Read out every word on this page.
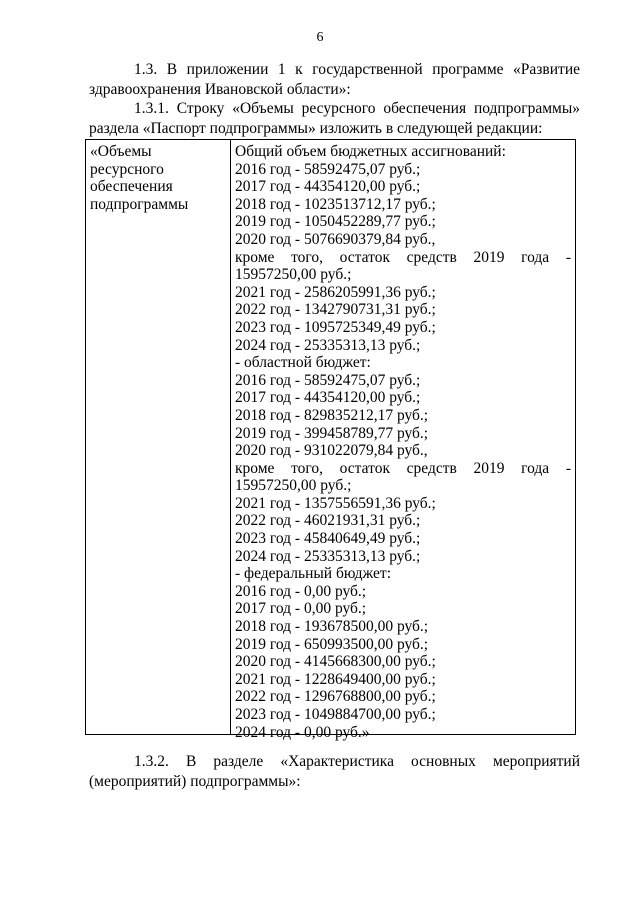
6
1.3. В приложении 1 к государственной программе «Развитие
здравоохранения Ивановской области»:
1.3.1. Строку «Объемы ресурсного обеспечения подпрограммы»
раздела «Паспорт подпрограммы» изложить в следующей редакции:
«Объемы ресурсного
обеспечения
подпрограммы
Общий объем бюджетных ассигнований:
2016 год - 58592475,07 руб.;
2017 год - 44354120,00 руб.;
2018 год - 1023513712,17 руб.;
2019 год - 1050452289,77 руб.;
2020 год - 5076690379,84 руб.,
кроме того, остаток средств 2019 года -
15957250,00 руб.;
2021 год - 2586205991,36 руб.;
2022 год - 1342790731,31 руб.;
2023 год - 1095725349,49 руб.;
2024 год - 25335313,13 руб.;
- областной бюджет:
2016 год - 58592475,07 руб.;
2017 год - 44354120,00 руб.;
2018 год - 829835212,17 руб.;
2019 год - 399458789,77 руб.;
2020 год - 931022079,84 руб.,
кроме того, остаток средств 2019 года -
15957250,00 руб.;
2021 год - 1357556591,36 руб.;
2022 год - 46021931,31 руб.;
2023 год - 45840649,49 руб.;
2024 год - 25335313,13 руб.;
- федеральный бюджет:
2016 год - 0,00 руб.;
2017 год - 0,00 руб.;
2018 год - 193678500,00 руб.;
2019 год - 650993500,00 руб.;
2020 год - 4145668300,00 руб.;
2021 год - 1228649400,00 руб.;
2022 год - 1296768800,00 руб.;
2023 год - 1049884700,00 руб.;
2024 год - 0,00 руб.»
1.3.2. В разделе «Характеристика основных мероприятий
(мероприятий) подпрограммы»:
